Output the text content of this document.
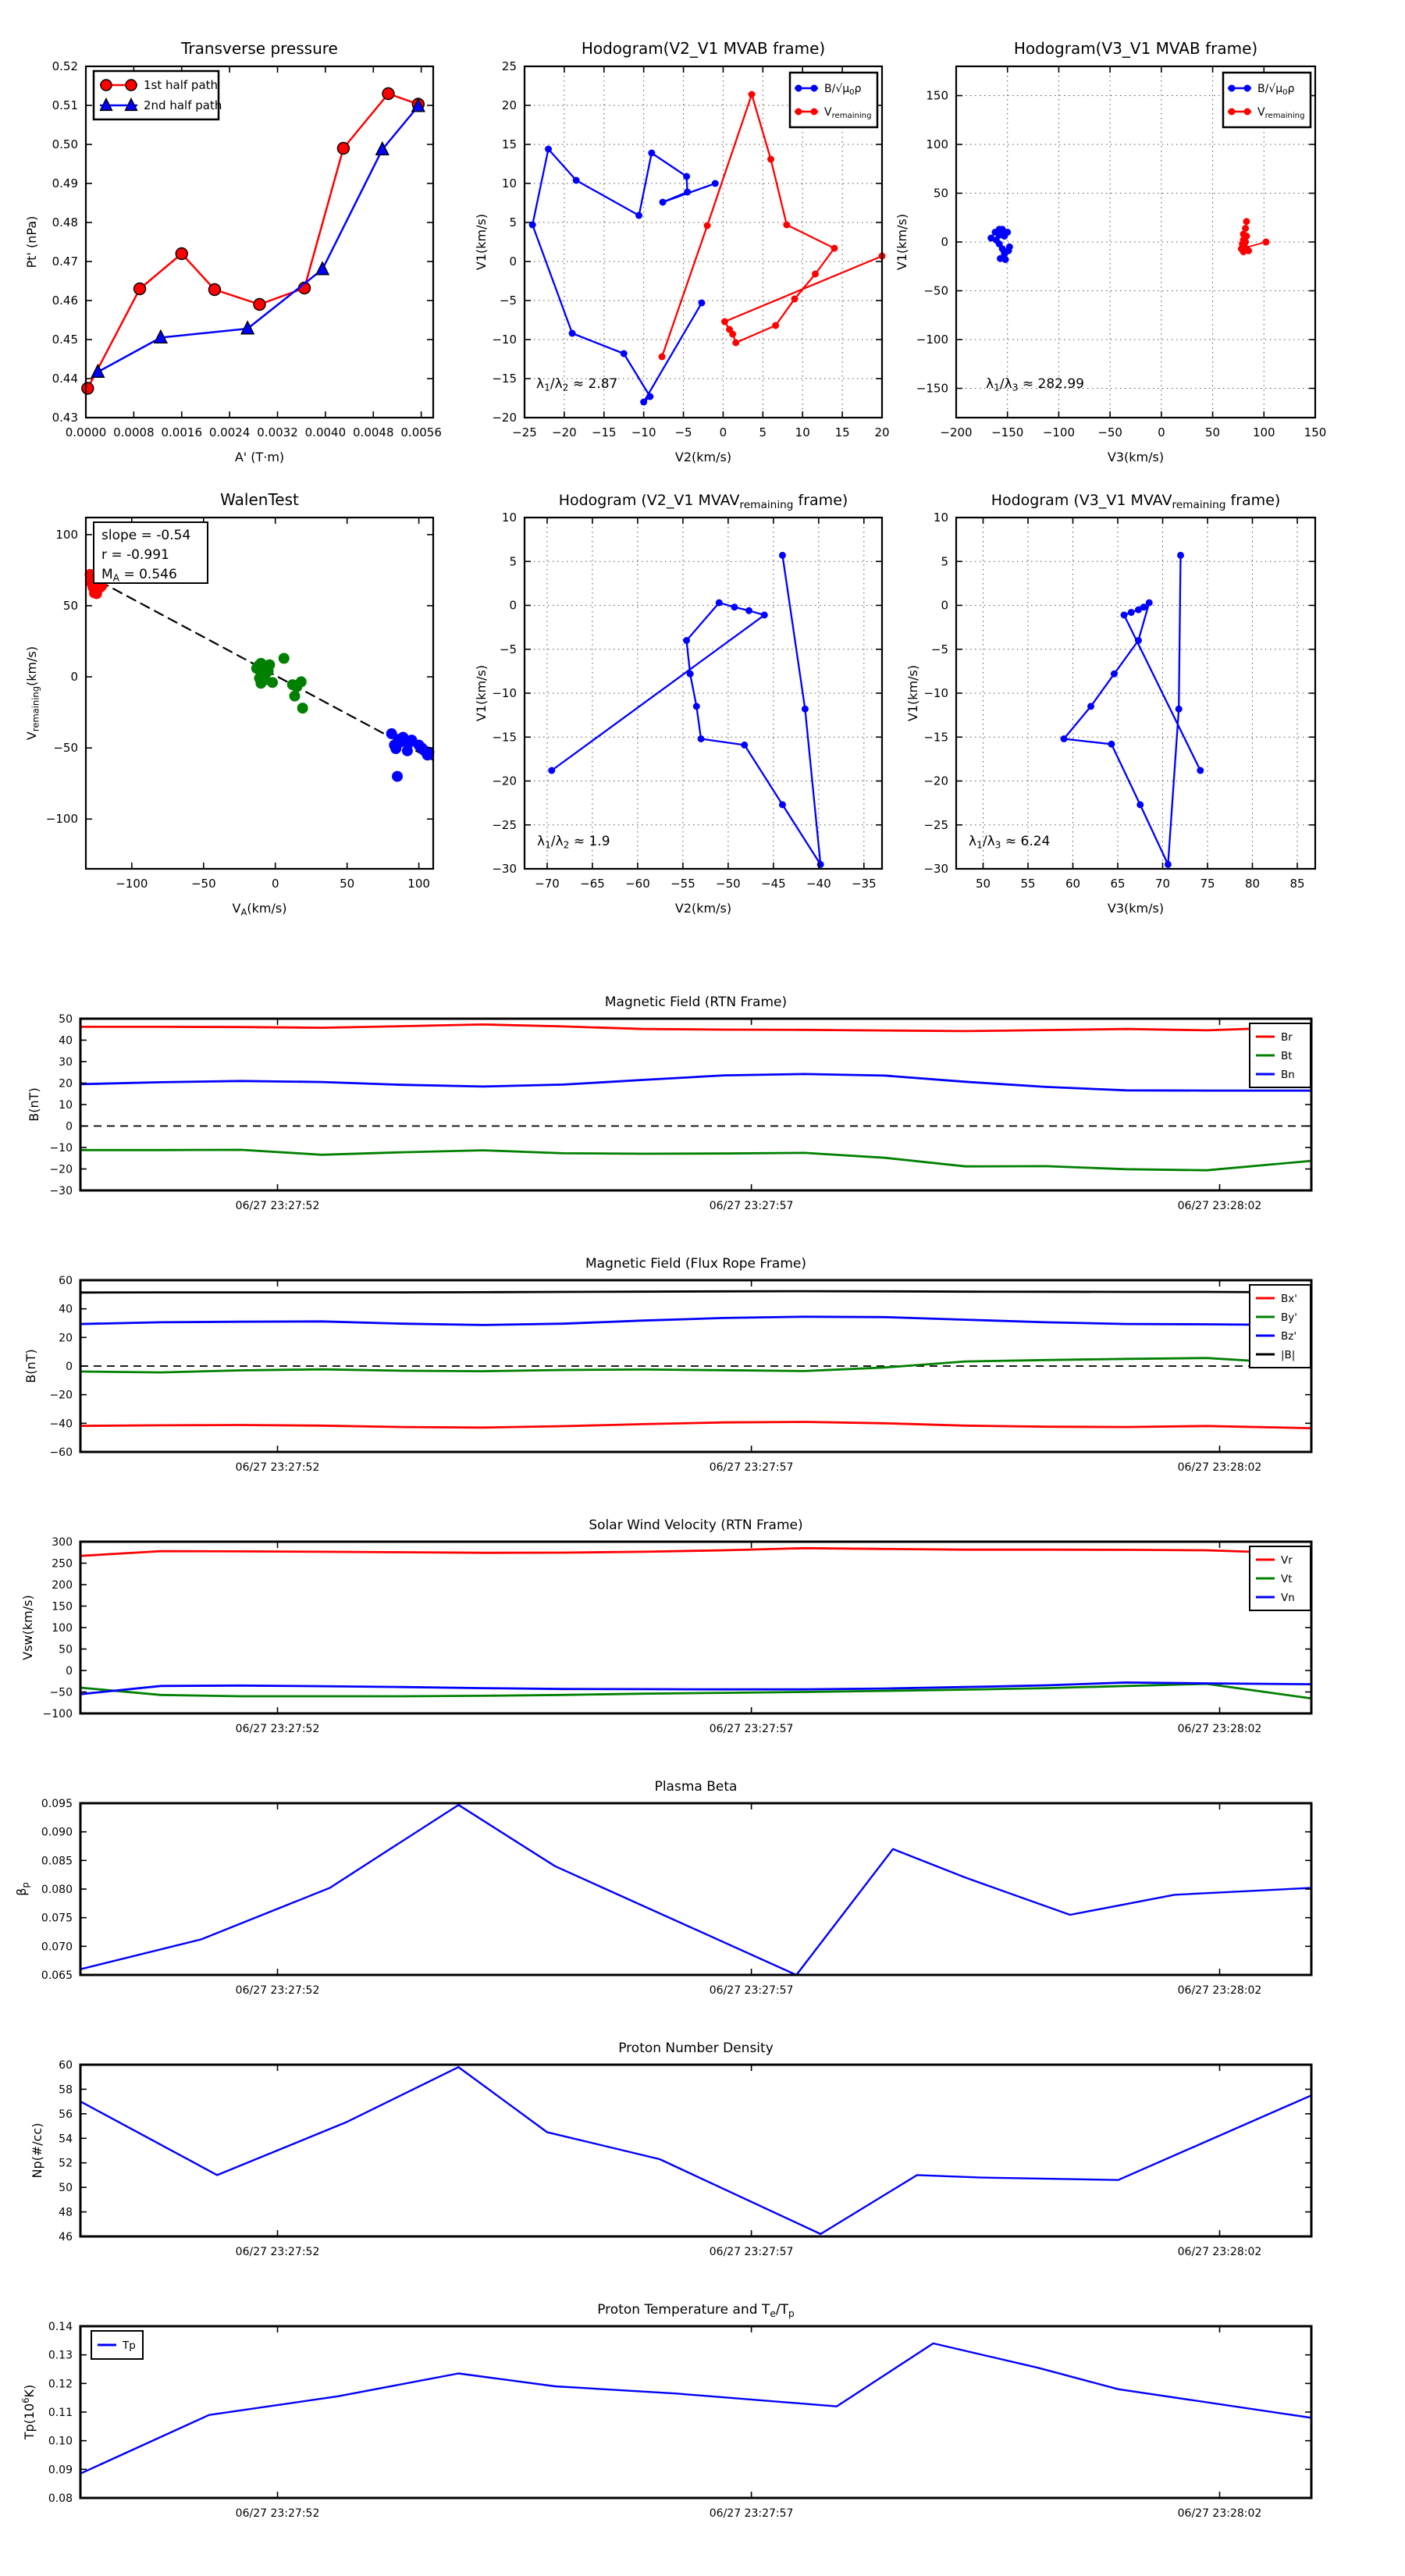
0.0000 0.0008 0.0016 0.0024 0.0032 0.0040 0.0048 0.0056
0.43
0.44
0.45
0.46
0.47
0.48
0.49
0.50
0.51
0.52
Transverse pressure
A' (T·m)
Pt' (nPa)
1st half path
2nd half path
−25 −20 −15 −10 −5 0	5 10 15 20
−20
−15
−10
−5
0
5
10
15
20
25
Hodogram(V2_V1 MVAB frame)
V2(km/s)
V1(km/s)
$B/√\mu_0\rho$
$V_{remaining}$
$\lambda_1/\lambda_2 \approx 2.87$
−200 −150 −100 −50	0	50	100 150
−150
−100
−50
0
50
100
150
Hodogram(V3_V1 MVAB frame)
V3(km/s)
V1(km/s)
$B/√\mu_0\rho$
$V_{remaining}$
$\lambda_1/\lambda_3 \approx 282.99$
−100	−50	0	50	100
−100
−50
0
50
100
WalenTest
$V_A(km/s)$
$V_{remaining}(km/s)$
slope = -0.54
r = -0.991
$M_A = 0.546$
−70 −65 −60 −55 −50 −45 −40 −35
−30
−25
−20
−15
−10
−5
0
5
10
Hodogram (V2_V1 $MVAV_{remaining}$ frame)
V2(km/s)
V1(km/s)
$\lambda_1/\lambda_2 \approx 1.9$
50	55	60	65	70	75	80	85
−30
−25
−20
−15
−10
−5
0
5
10
Hodogram (V3_V1 $MVAV_{remaining}$ frame)
V3(km/s)
V1(km/s)
$\lambda_1/\lambda_3 \approx 6.24$
06/27 23:27:52	06/27 23:27:57	06/27 23:28:02
−30
−20
−10
0
10
20
30
40
50
Magnetic Field (RTN Frame)
B(nT)
Br
Bt
Bn
06/27 23:27:52	06/27 23:27:57	06/27 23:28:02
−60
−40
−20
0
20
40
60
Magnetic Field (Flux Rope Frame)
B(nT)
Bx'
By'
Bz'
|B|
06/27 23:27:52	06/27 23:27:57	06/27 23:28:02
−100
−50
0
50
100
150
200
250
300
Solar Wind Velocity (RTN Frame)
Vsw(km/s)
Vr
Vt
Vn
06/27 23:27:52	06/27 23:27:57	06/27 23:28:02
0.065
0.070
0.075
0.080
0.085
0.090
0.095
Plasma Beta
$\beta_p$
06/27 23:27:52	06/27 23:27:57	06/27 23:28:02
46
48
50
52
54
56
58
60
Proton Number Density
Np(#/cc)
06/27 23:27:52	06/27 23:27:57	06/27 23:28:02
0.08
0.09
0.10
0.11
0.12
0.13
0.14
Proton Temperature and $T_e/T_p$
$Tp(10^6K)$
Tp
